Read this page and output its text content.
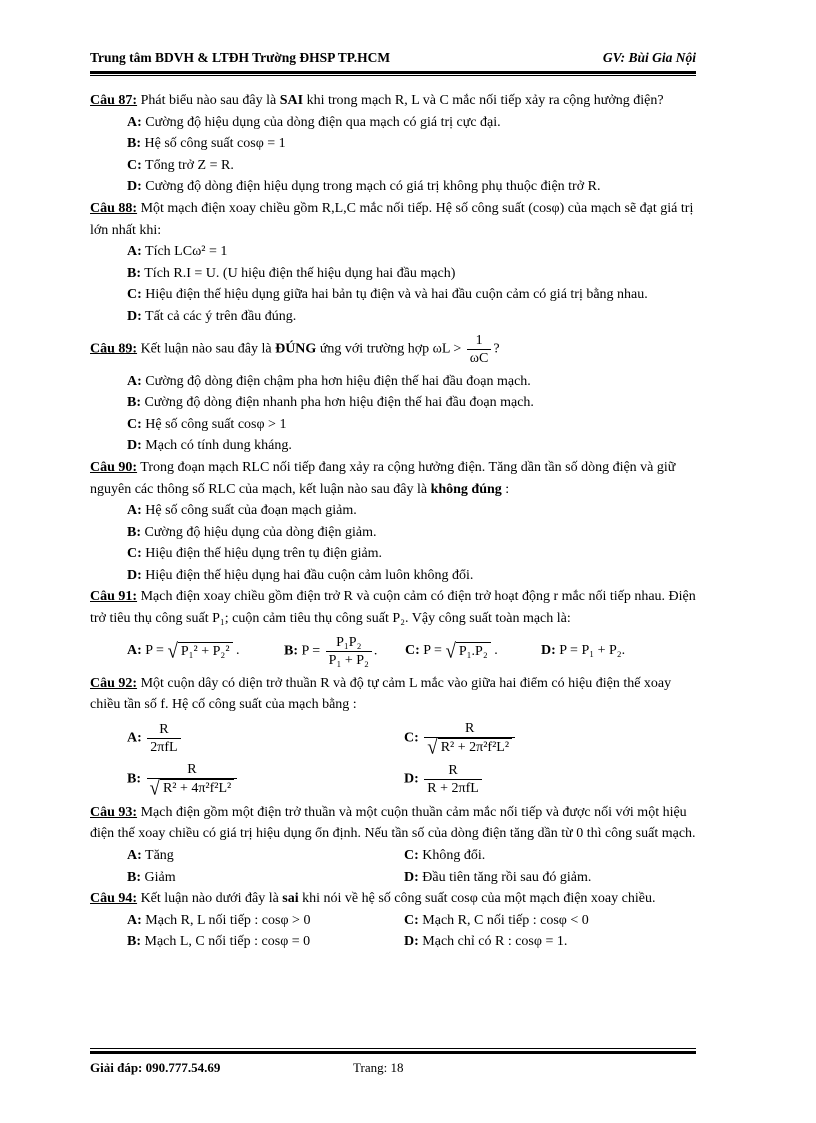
Trung tâm BDVH & LTĐH Trường ĐHSP TP.HCM	GV: Bùi Gia Nội

Câu 87: Phát biểu nào sau đây là SAI khi trong mạch R, L và C mắc nối tiếp xảy ra cộng hưởng điện?

A: Cường độ hiệu dụng của dòng điện qua mạch có giá trị cực đại.
B: Hệ số công suất cosφ = 1
C: Tổng trở Z = R.
D: Cường độ dòng điện hiệu dụng trong mạch có giá trị không phụ thuộc điện trở R.

Câu 88: Một mạch điện xoay chiều gồm R,L,C mắc nối tiếp. Hệ số công suất (cosφ) của mạch sẽ đạt giá trị lớn nhất khi:

A: Tích LCω² = 1
B: Tích R.I = U. (U hiệu điện thế hiệu dụng hai đầu mạch)
C: Hiệu điện thế hiệu dụng giữa hai bản tụ điện và và hai đầu cuộn cảm có giá trị bằng nhau.
D: Tất cả các ý trên đầu đúng.

Câu 89: Kết luận nào sau đây là ĐÚNG ứng với trường hợp $\omega L > \frac{1}{\omega C}$ ?

A: Cường độ dòng điện chậm pha hơn hiệu điện thế hai đầu đoạn mạch.
B: Cường độ dòng điện nhanh pha hơn hiệu điện thế hai đầu đoạn mạch.
C: Hệ số công suất cosφ > 1
D: Mạch có tính dung kháng.

Câu 90: Trong đoạn mạch RLC nối tiếp đang xảy ra cộng hưởng điện. Tăng dần tần số dòng điện và giữ nguyên các thông số RLC của mạch, kết luận nào sau đây là không đúng :

A: Hệ số công suất của đoạn mạch giảm.
B: Cường độ hiệu dụng của dòng điện giảm.
C: Hiệu điện thế hiệu dụng trên tụ điện giảm.
D: Hiệu điện thế hiệu dụng hai đầu cuộn cảm luôn không đổi.

Câu 91: Mạch điện xoay chiều gồm điện trở R và cuộn cảm có điện trở hoạt động r mắc nối tiếp nhau. Điện trở tiêu thụ công suất P₁; cuộn cảm tiêu thụ công suất P₂. Vậy công suất toàn mạch là:

A: P = √ P₁² + P₂² .	B: $P = \frac{\text{P₁P₂}}{\text{P₁ + P₂}}$ .	C: P = √ P₁.P₂ .	D: P = P₁ + P₂.

Câu 92: Một cuộn dây có diện trở thuần R và độ tự cảm L mắc vào giữa hai điểm có hiệu điện thế xoay chiều tần số f. Hệ cố công suất của mạch bằng :

A: $\frac{R}{\text{2πfL}}$	C: $\frac{R}{\text{√ R² + 2π²f²L²}}$
B: $\frac{R}{\text{√ R² + 4π²f²L²}}$	D: $\frac{R}{\text{R + 2πfL}}$

Câu 93: Mạch điện gồm một điện trở thuần và một cuộn thuần cảm mắc nối tiếp và được nối với một hiệu điện thế xoay chiều có giá trị hiệu dụng ổn định. Nếu tần số của dòng điện tăng dần từ 0 thì công suất mạch.

A: Tăng	C: Không đổi.
B: Giảm	D: Đầu tiên tăng rồi sau đó giảm.

Câu 94: Kết luận nào dưới đây là sai khi nói về hệ số công suất cosφ của một mạch điện xoay chiều.

A: Mạch R, L nối tiếp : cosφ > 0	C: Mạch R, C nối tiếp : cosφ < 0
B: Mạch L, C nối tiếp : cosφ = 0	D: Mạch chỉ có R : cosφ = 1.
Giải đáp: 090.777.54.69	Trang: 18
